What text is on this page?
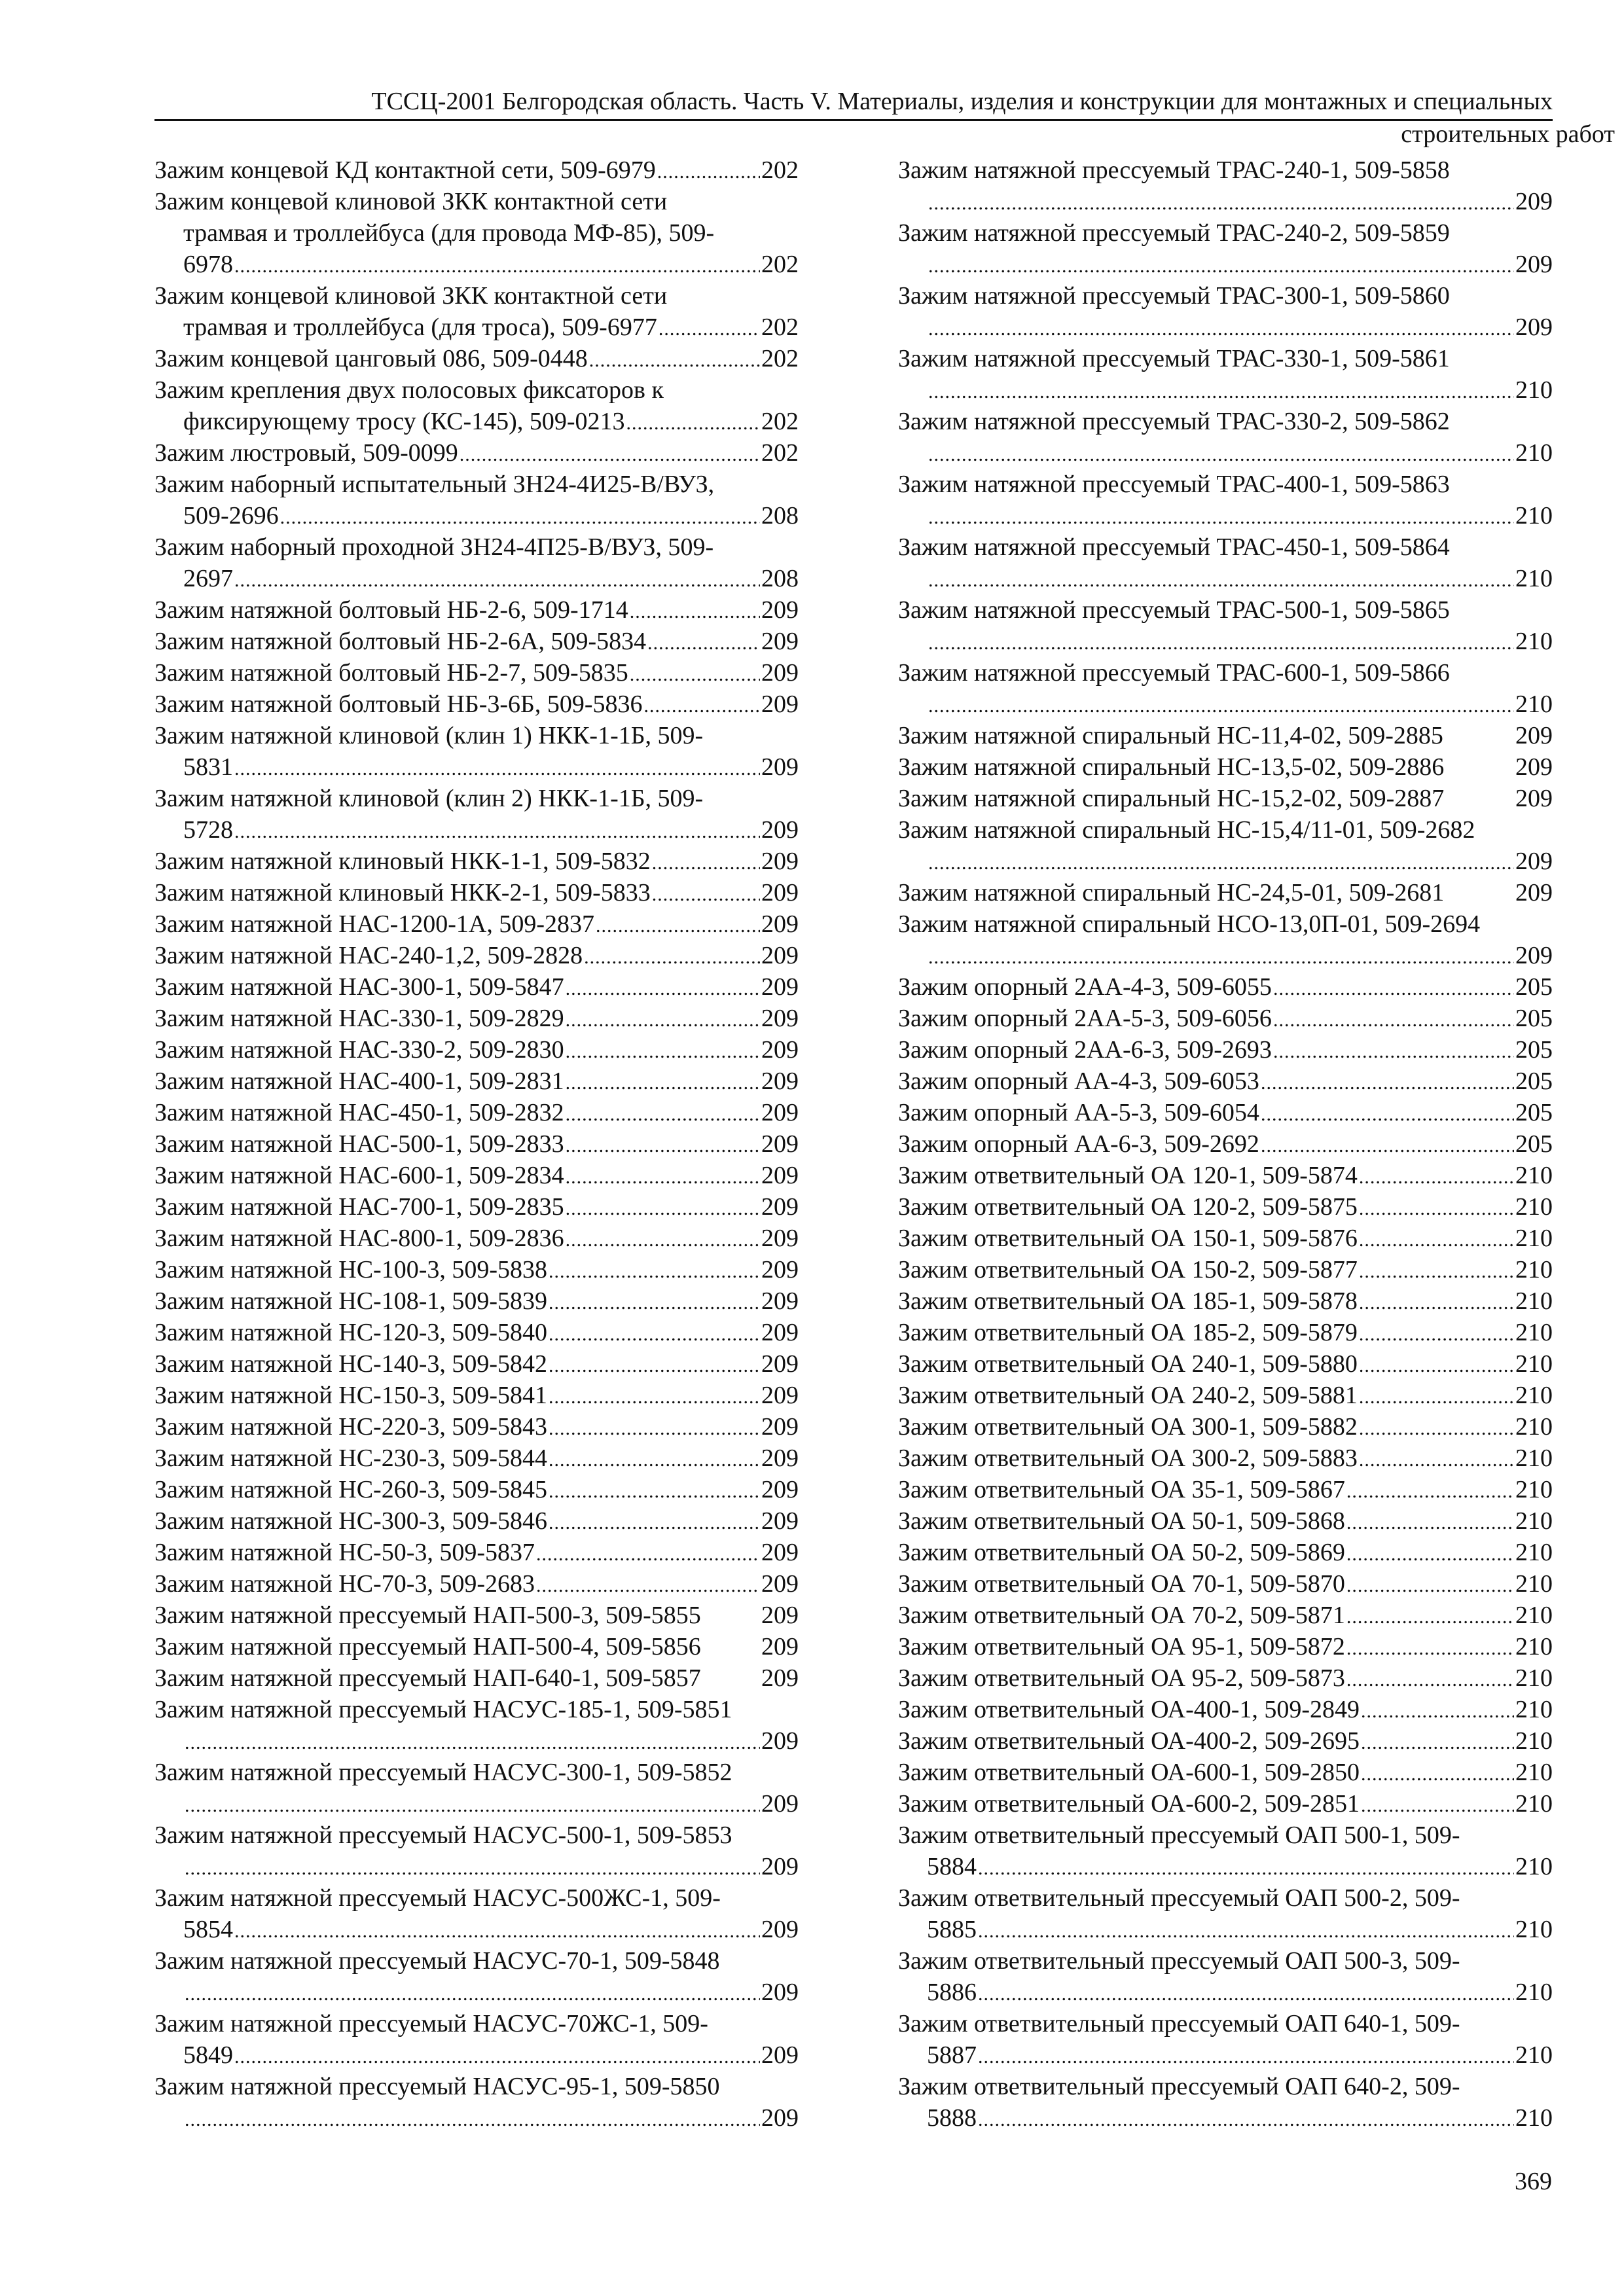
ТССЦ-2001 Белгородская область. Часть V. Материалы, изделия и конструкции для монтажных и специальных
строительных работ
Зажим концевой КД контактной сети, 509-6979 .....	202
Зажим концевой клиновой ЗКК контактной сети
трамвая и троллейбуса (для провода МФ-85), 509-
6978 .....	202
Зажим концевой клиновой ЗКК контактной сети
трамвая и троллейбуса (для троса), 509-6977 .....	202
Зажим концевой цанговый 086, 509-0448 .....	202
Зажим крепления двух полосовых фиксаторов к
фиксирующему тросу (КС-145), 509-0213 .....	202
Зажим люстровый, 509-0099 .....	202
Зажим наборный испытательный ЗН24-4И25-В/ВУЗ,
509-2696 .....	208
Зажим наборный проходной ЗН24-4П25-В/ВУЗ, 509-
2697 .....	208
Зажим натяжной болтовый НБ-2-6, 509-1714 .....	209
Зажим натяжной болтовый НБ-2-6А, 509-5834 .....	209
Зажим натяжной болтовый НБ-2-7, 509-5835 .....	209
Зажим натяжной болтовый НБ-3-6Б, 509-5836 .....	209
Зажим натяжной клиновой (клин 1) НКК-1-1Б, 509-
5831 .....	209
Зажим натяжной клиновой (клин 2) НКК-1-1Б, 509-
5728 .....	209
Зажим натяжной клиновый НКК-1-1, 509-5832 .....	209
Зажим натяжной клиновый НКК-2-1, 509-5833 .....	209
Зажим натяжной НАС-1200-1А, 509-2837 .....	209
Зажим натяжной НАС-240-1,2, 509-2828 .....	209
Зажим натяжной НАС-300-1, 509-5847 .....	209
Зажим натяжной НАС-330-1, 509-2829 .....	209
Зажим натяжной НАС-330-2, 509-2830 .....	209
Зажим натяжной НАС-400-1, 509-2831 .....	209
Зажим натяжной НАС-450-1, 509-2832 .....	209
Зажим натяжной НАС-500-1, 509-2833 .....	209
Зажим натяжной НАС-600-1, 509-2834 .....	209
Зажим натяжной НАС-700-1, 509-2835 .....	209
Зажим натяжной НАС-800-1, 509-2836 .....	209
Зажим натяжной НС-100-3, 509-5838 .....	209
Зажим натяжной НС-108-1, 509-5839 .....	209
Зажим натяжной НС-120-3, 509-5840 .....	209
Зажим натяжной НС-140-3, 509-5842 .....	209
Зажим натяжной НС-150-3, 509-5841 .....	209
Зажим натяжной НС-220-3, 509-5843 .....	209
Зажим натяжной НС-230-3, 509-5844 .....	209
Зажим натяжной НС-260-3, 509-5845 .....	209
Зажим натяжной НС-300-3, 509-5846 .....	209
Зажим натяжной НС-50-3, 509-5837 .....	209
Зажим натяжной НС-70-3, 509-2683 .....	209
Зажим натяжной прессуемый НАП-500-3, 509-5855 209
Зажим натяжной прессуемый НАП-500-4, 509-5856 209
Зажим натяжной прессуемый НАП-640-1, 509-5857 209
Зажим натяжной прессуемый НАСУС-185-1, 509-5851
.....
209
Зажим натяжной прессуемый НАСУС-300-1, 509-5852
.....
209
Зажим натяжной прессуемый НАСУС-500-1, 509-5853
.....
209
Зажим натяжной прессуемый НАСУС-500ЖС-1, 509-
5854 .....	209
Зажим натяжной прессуемый НАСУС-70-1, 509-5848
.....
209
Зажим натяжной прессуемый НАСУС-70ЖС-1, 509-
5849 .....	209
Зажим натяжной прессуемый НАСУС-95-1, 509-5850
.....
209
Зажим натяжной прессуемый ТРАС-240-1, 509-5858
.....
209
Зажим натяжной прессуемый ТРАС-240-2, 509-5859
.....
209
Зажим натяжной прессуемый ТРАС-300-1, 509-5860
.....
209
Зажим натяжной прессуемый ТРАС-330-1, 509-5861
.....
210
Зажим натяжной прессуемый ТРАС-330-2, 509-5862
.....
210
Зажим натяжной прессуемый ТРАС-400-1, 509-5863
.....
210
Зажим натяжной прессуемый ТРАС-450-1, 509-5864
.....
210
Зажим натяжной прессуемый ТРАС-500-1, 509-5865
.....
210
Зажим натяжной прессуемый ТРАС-600-1, 509-5866
.....
210
Зажим натяжной спиральный НС-11,4-02, 509-2885	209
Зажим натяжной спиральный НС-13,5-02, 509-2886	209
Зажим натяжной спиральный НС-15,2-02, 509-2887	209
Зажим натяжной спиральный НС-15,4/11-01, 509-2682
.....
209
Зажим натяжной спиральный НС-24,5-01, 509-2681	209
Зажим натяжной спиральный НСО-13,0П-01, 509-2694
.....
209
Зажим опорный 2АА-4-3, 509-6055 .....	205
Зажим опорный 2АА-5-3, 509-6056 .....	205
Зажим опорный 2АА-6-3, 509-2693 .....	205
Зажим опорный АА-4-3, 509-6053 .....	205
Зажим опорный АА-5-3, 509-6054 .....	205
Зажим опорный АА-6-3, 509-2692 .....	205
Зажим ответвительный ОА 120-1, 509-5874 .....	210
Зажим ответвительный ОА 120-2, 509-5875 .....	210
Зажим ответвительный ОА 150-1, 509-5876 .....	210
Зажим ответвительный ОА 150-2, 509-5877 .....	210
Зажим ответвительный ОА 185-1, 509-5878 .....	210
Зажим ответвительный ОА 185-2, 509-5879 .....	210
Зажим ответвительный ОА 240-1, 509-5880 .....	210
Зажим ответвительный ОА 240-2, 509-5881 .....	210
Зажим ответвительный ОА 300-1, 509-5882 .....	210
Зажим ответвительный ОА 300-2, 509-5883 .....	210
Зажим ответвительный ОА 35-1, 509-5867 .....	210
Зажим ответвительный ОА 50-1, 509-5868 .....	210
Зажим ответвительный ОА 50-2, 509-5869 .....	210
Зажим ответвительный ОА 70-1, 509-5870 .....	210
Зажим ответвительный ОА 70-2, 509-5871 .....	210
Зажим ответвительный ОА 95-1, 509-5872 .....	210
Зажим ответвительный ОА 95-2, 509-5873 .....	210
Зажим ответвительный ОА-400-1, 509-2849 .....	210
Зажим ответвительный ОА-400-2, 509-2695 .....	210
Зажим ответвительный ОА-600-1, 509-2850 .....	210
Зажим ответвительный ОА-600-2, 509-2851 .....	210
Зажим ответвительный прессуемый ОАП 500-1, 509-
5884 .....	210
Зажим ответвительный прессуемый ОАП 500-2, 509-
5885 .....	210
Зажим ответвительный прессуемый ОАП 500-3, 509-
5886 .....	210
Зажим ответвительный прессуемый ОАП 640-1, 509-
5887 .....	210
Зажим ответвительный прессуемый ОАП 640-2, 509-
5888 .....	210
369
